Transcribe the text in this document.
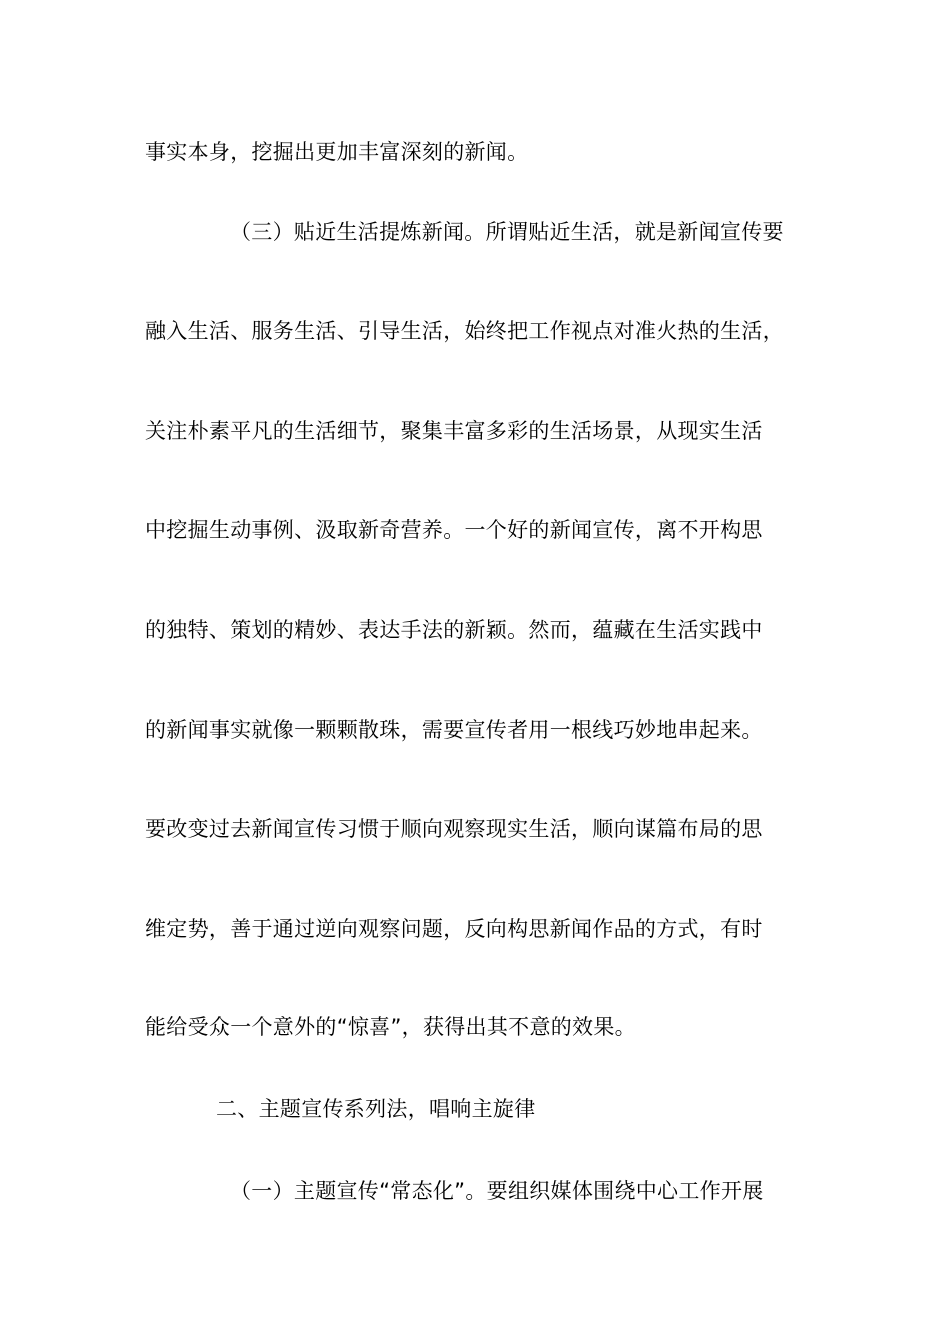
事实本身，挖掘出更加丰富深刻的新闻。
（三）贴近生活提炼新闻。所谓贴近生活，就是新闻宣传要
融入生活、服务生活、引导生活，始终把工作视点对准火热的生活，
关注朴素平凡的生活细节，聚集丰富多彩的生活场景，从现实生活
中挖掘生动事例、汲取新奇营养。一个好的新闻宣传，离不开构思
的独特、策划的精妙、表达手法的新颖。然而，蕴藏在生活实践中
的新闻事实就像一颗颗散珠，需要宣传者用一根线巧妙地串起来。
要改变过去新闻宣传习惯于顺向观察现实生活，顺向谋篇布局的思
维定势，善于通过逆向观察问题，反向构思新闻作品的方式，有时
能给受众一个意外的“惊喜”，获得出其不意的效果。
二、主题宣传系列法，唱响主旋律
（一）主题宣传“常态化”。要组织媒体围绕中心工作开展
